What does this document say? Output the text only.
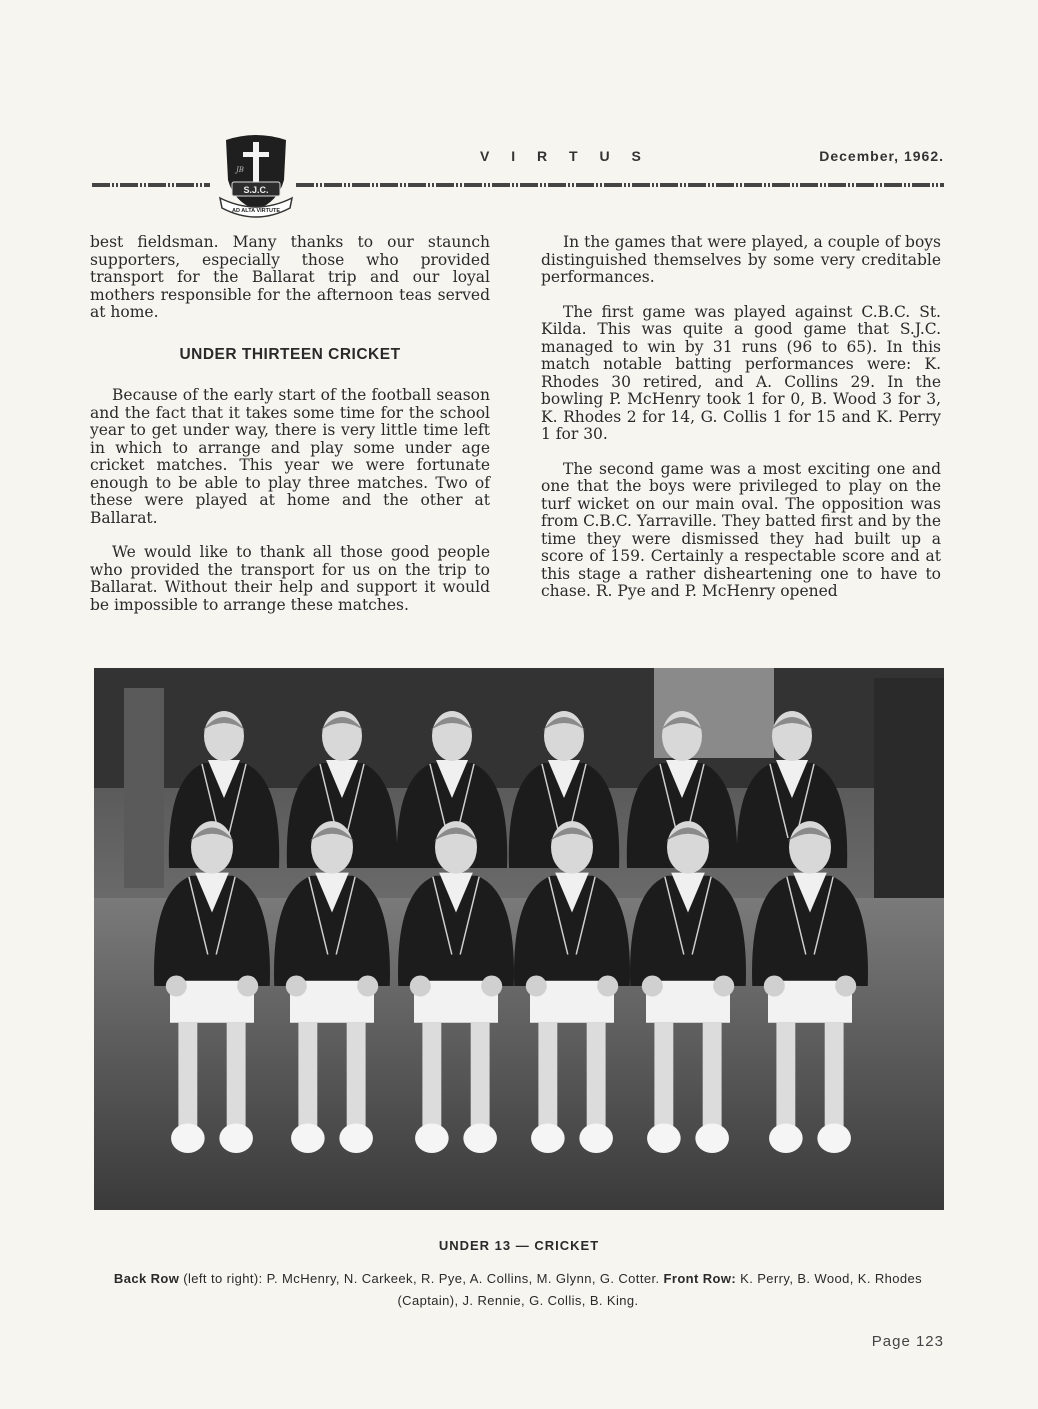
JB
S.J.C.
AD ALTA VIRTUTE
V I R T U S	December, 1962.

best fieldsman. Many thanks to our staunch supporters, especially those who provided transport for the Ballarat trip and our loyal mothers responsible for the afternoon teas served at home.

UNDER THIRTEEN CRICKET

Because of the early start of the football season and the fact that it takes some time for the school year to get under way, there is very little time left in which to arrange and play some under age cricket matches. This year we were fortunate enough to be able to play three matches. Two of these were played at home and the other at Ballarat.

We would like to thank all those good people who provided the transport for us on the trip to Ballarat. Without their help and support it would be impossible to arrange these matches.

In the games that were played, a couple of boys distinguished themselves by some very creditable performances.

The first game was played against C.B.C. St. Kilda. This was quite a good game that S.J.C. managed to win by 31 runs (96 to 65). In this match notable batting performances were: K. Rhodes 30 retired, and A. Collins 29. In the bowling P. McHenry took 1 for 0, B. Wood 3 for 3, K. Rhodes 2 for 14, G. Collis 1 for 15 and K. Perry 1 for 30.

The second game was a most exciting one and one that the boys were privileged to play on the turf wicket on our main oval. The opposition was from C.B.C. Yarraville. They batted first and by the time they were dismissed they had built up a score of 159. Certainly a respectable score and at this stage a rather disheartening one to have to chase. R. Pye and P. McHenry opened

UNDER 13 — CRICKET
Back Row (left to right): P. McHenry, N. Carkeek, R. Pye, A. Collins, M. Glynn, G. Cotter. Front Row: K. Perry, B. Wood, K. Rhodes (Captain), J. Rennie, G. Collis, B. King.
Page 123
